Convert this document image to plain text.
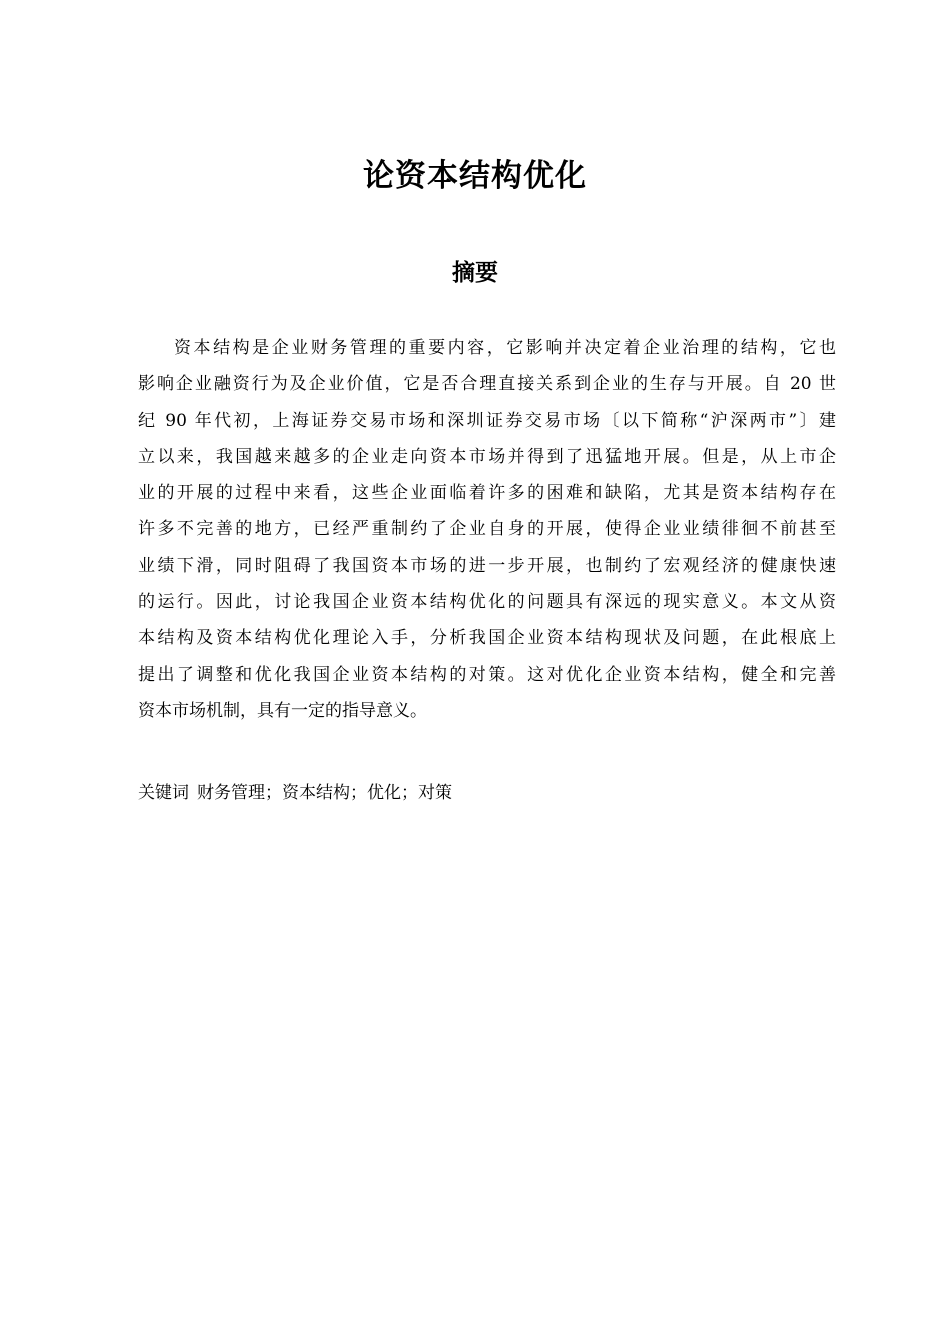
论资本结构优化
摘要
资本结构是企业财务管理的重要内容，它影响并决定着企业治理的结构，它也
影响企业融资行为及企业价值，它是否合理直接关系到企业的生存与开展。自 20 世
纪 90 年代初，上海证券交易市场和深圳证券交易市场〔以下简称“沪深两市”〕建
立以来，我国越来越多的企业走向资本市场并得到了迅猛地开展。但是，从上市企
业的开展的过程中来看，这些企业面临着许多的困难和缺陷，尤其是资本结构存在
许多不完善的地方，已经严重制约了企业自身的开展，使得企业业绩徘徊不前甚至
业绩下滑，同时阻碍了我国资本市场的进一步开展，也制约了宏观经济的健康快速
的运行。因此，讨论我国企业资本结构优化的问题具有深远的现实意义。本文从资
本结构及资本结构优化理论入手，分析我国企业资本结构现状及问题，在此根底上
提出了调整和优化我国企业资本结构的对策。这对优化企业资本结构，健全和完善
资本市场机制，具有一定的指导意义。

关键词 财务管理；资本结构；优化；对策
